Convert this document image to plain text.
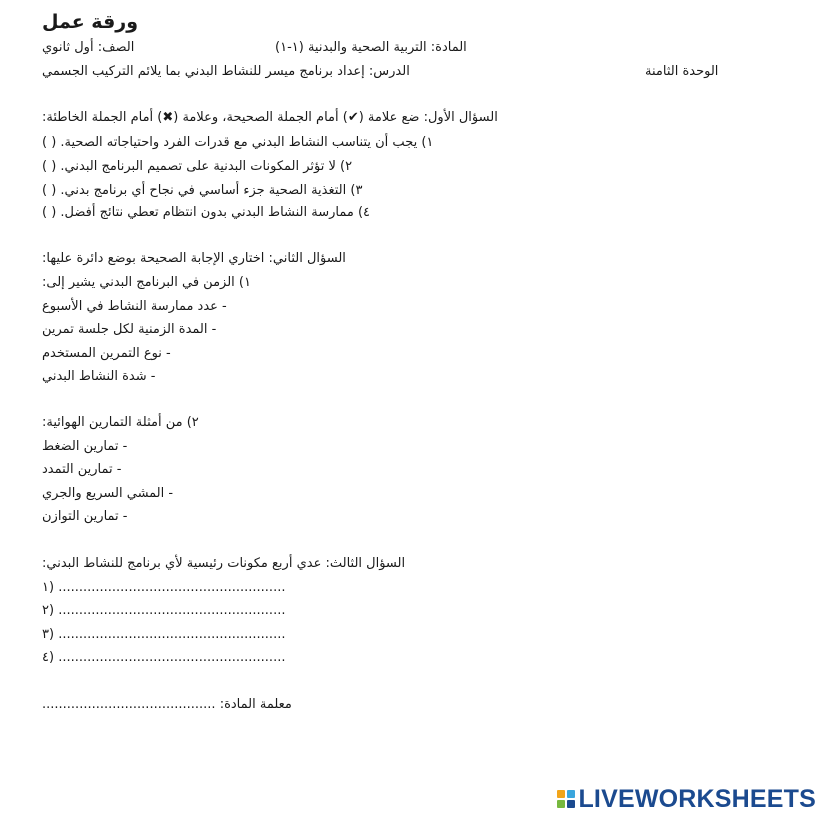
ورقة عمل
الصف: أول ثانوي	المادة: التربية الصحية والبدنية (١-١)
الدرس: إعداد برنامج ميسر للنشاط البدني بما يلائم التركيب الجسمي	الوحدة الثامنة
السؤال الأول: ضع علامة (✔) أمام الجملة الصحيحة، وعلامة (✖) أمام الجملة الخاطئة:
١) يجب أن يتناسب النشاط البدني مع قدرات الفرد واحتياجاته الصحية. ( )
٢) لا تؤثر المكونات البدنية على تصميم البرنامج البدني. ( )
٣) التغذية الصحية جزء أساسي في نجاح أي برنامج بدني. ( )
٤) ممارسة النشاط البدني بدون انتظام تعطي نتائج أفضل. ( )
السؤال الثاني: اختاري الإجابة الصحيحة بوضع دائرة عليها:
١) الزمن في البرنامج البدني يشير إلى:
- عدد ممارسة النشاط في الأسبوع
- المدة الزمنية لكل جلسة تمرين
- نوع التمرين المستخدم
- شدة النشاط البدني
٢) من أمثلة التمارين الهوائية:
- تمارين الضغط
- تمارين التمدد
- المشي السريع والجري
- تمارين التوازن
السؤال الثالث: عدي أربع مكونات رئيسية لأي برنامج للنشاط البدني:
١) .......................................................
٢) .......................................................
٣) .......................................................
٤) .......................................................
معلمة المادة: ..........................................
LIVEWORKSHEETS
